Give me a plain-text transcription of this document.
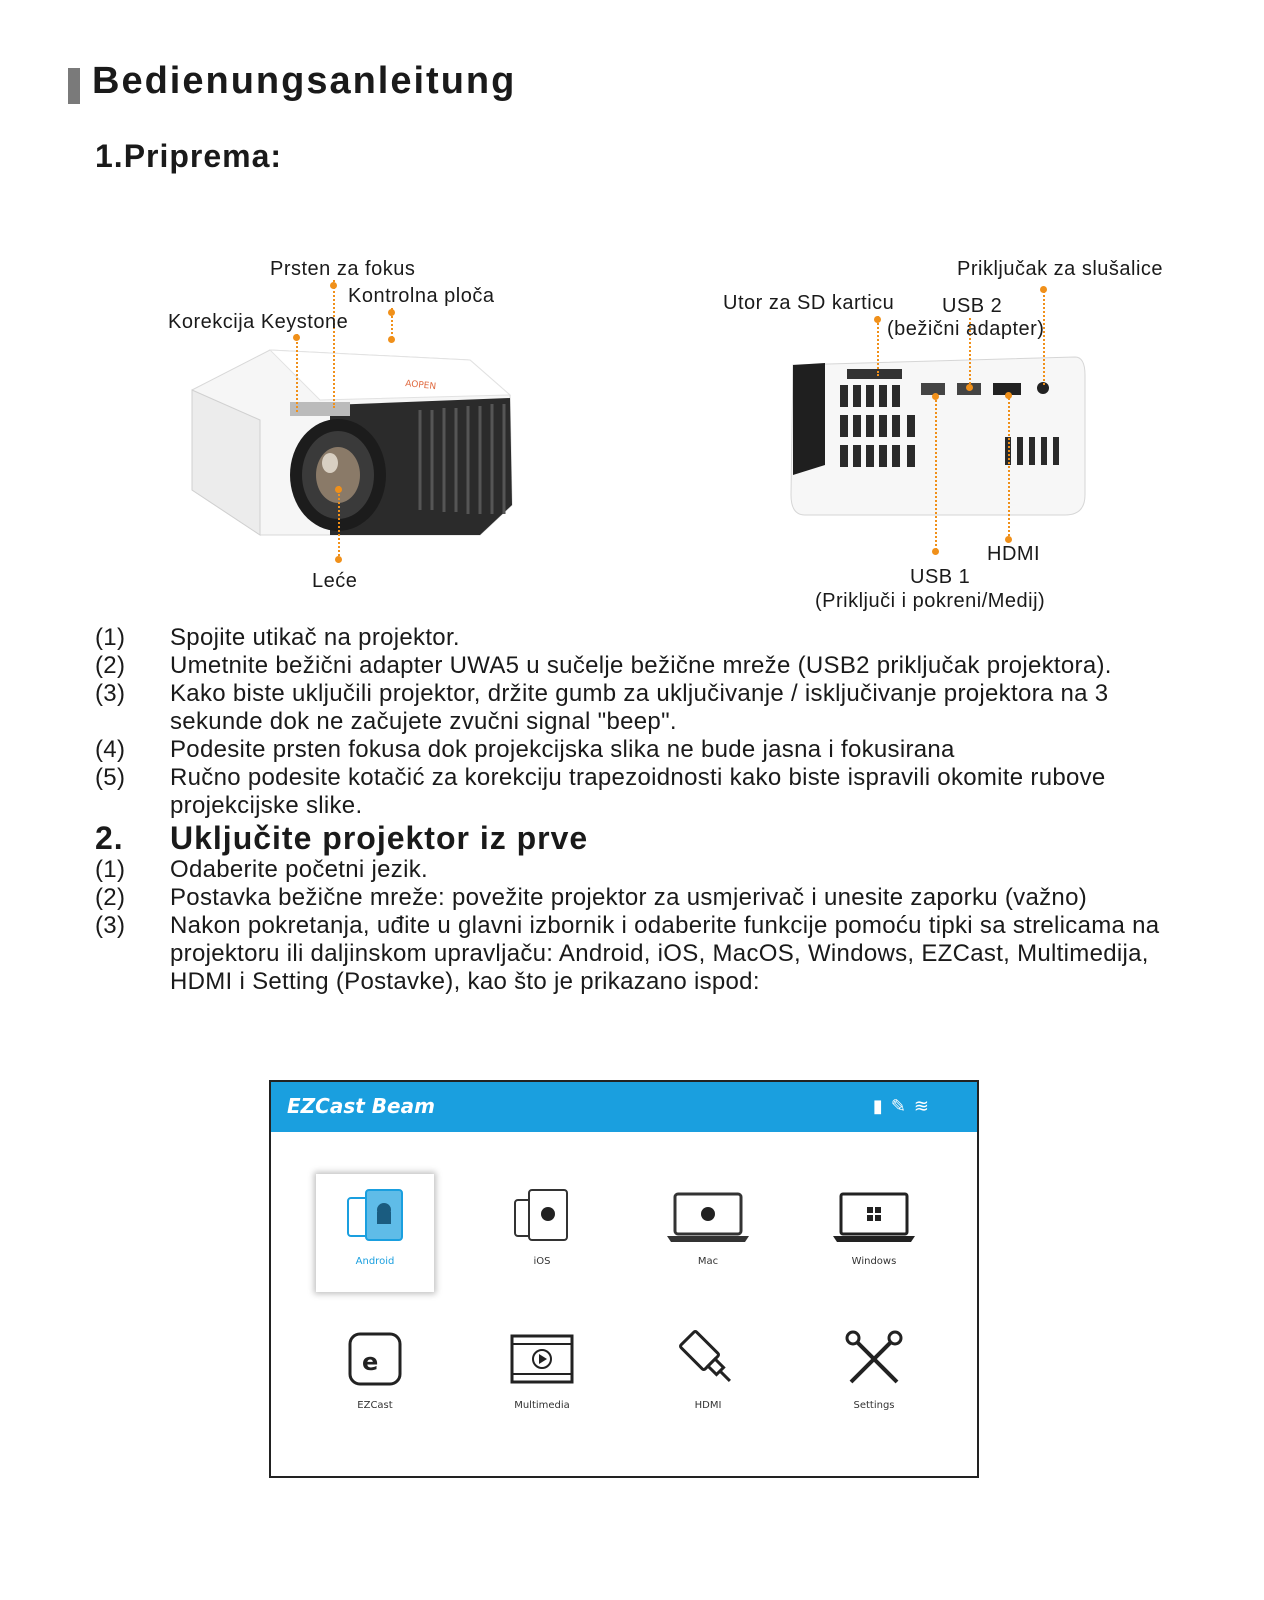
Bedienungsanleitung
1.Priprema:
AOPEN
Prsten za fokus
Kontrolna ploča
Korekcija Keystone
Leće
Priključak za slušalice
Utor za SD karticu USB 2
(bežični adapter)
HDMI
USB 1
(Priključi i pokreni/Medij)
(1)	Spojite utikač na projektor.
(2)	Umetnite bežični adapter UWA5 u sučelje bežične mreže (USB2 priključak projektora).
(3)	Kako biste uključili projektor, držite gumb za uključivanje / isključivanje projektora na 3 sekunde dok ne začujete zvučni signal "beep".
(4)	Podesite prsten fokusa dok projekcijska slika ne bude jasna i fokusirana
(5)	Ručno podesite kotačić za korekciju trapezoidnosti kako biste ispravili okomite rubove projekcijske slike.
2.	Uključite projektor iz prve
(1)	Odaberite početni jezik.
(2)	Postavka bežične mreže: povežite projektor za usmjerivač i unesite zaporku (važno)
(3)	Nakon pokretanja, uđite u glavni izbornik i odaberite funkcije pomoću tipki sa strelicama na projektoru ili daljinskom upravljaču: Android, iOS, MacOS, Windows, EZCast, Multimedija, HDMI i Setting (Postavke), kao što je prikazano ispod:
EZCast Beam	▮✎≋
Android	iOS	Mac	Windows
e
EZCast	Multimedia	HDMI	Settings
